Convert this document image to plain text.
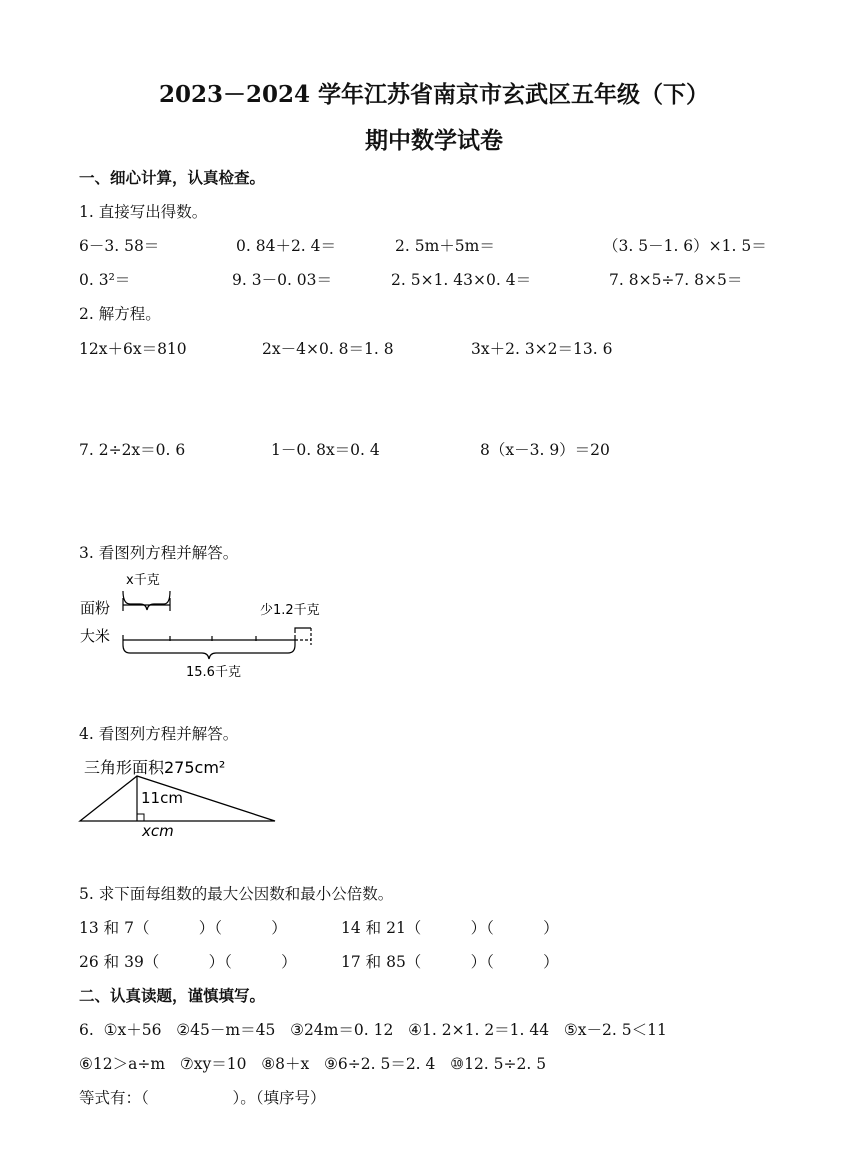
2023－2024 学年江苏省南京市玄武区五年级（下）
期中数学试卷
一、细心计算，认真检查。
1. 直接写出得数。
6－3. 58＝	0. 84＋2. 4＝	2. 5m＋5m＝	（3. 5－1. 6）×1. 5＝
0. 3²＝	9. 3－0. 03＝	2. 5×1. 43×0. 4＝	7. 8×5÷7. 8×5＝
2. 解方程。
12x＋6x＝810	2x－4×0. 8＝1. 8	3x＋2. 3×2＝13. 6
7. 2÷2x＝0. 6	1－0. 8x＝0. 4	8（x－3. 9）＝20
3. 看图列方程并解答。
x千克
面粉	少1.2千克
大米
15.6千克
4. 看图列方程并解答。
三角形面积275cm²
11cm
xcm
5. 求下面每组数的最大公因数和最小公倍数。
13 和 7（          ）（          ）	14 和 21（          ）（          ）
26 和 39（          ）（          ）	17 和 85（          ）（          ）
二、认真读题，谨慎填写。
6.  ①x＋56   ②45－m＝45   ③24m＝0. 12   ④1. 2×1. 2＝1. 44   ⑤x－2. 5＜11
⑥12＞a÷m   ⑦xy＝10   ⑧8＋x   ⑨6÷2. 5＝2. 4   ⑩12. 5÷2. 5
等式有：（                 ）。（填序号）
